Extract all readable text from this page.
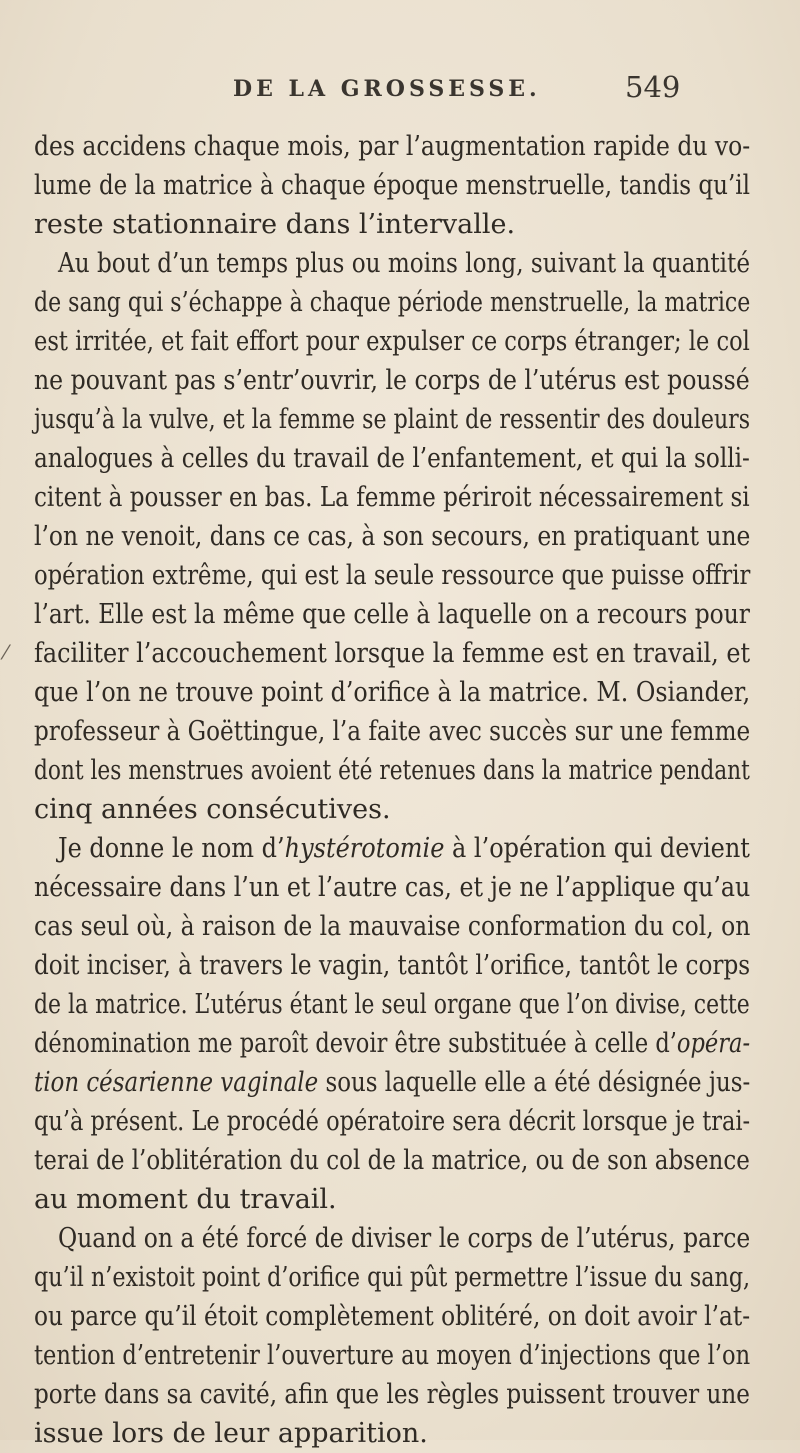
DE LA GROSSESSE.	549
⁄
des accidens chaque mois, par l’augmentation rapide du vo-
lume de la matrice à chaque époque menstruelle, tandis qu’il
reste stationnaire dans l’intervalle.
Au bout d’un temps plus ou moins long, suivant la quantité
de sang qui s’échappe à chaque période menstruelle, la matrice
est irritée, et fait effort pour expulser ce corps étranger; le col
ne pouvant pas s’entr’ouvrir, le corps de l’utérus est poussé
jusqu’à la vulve, et la femme se plaint de ressentir des douleurs
analogues à celles du travail de l’enfantement, et qui la solli-
citent à pousser en bas. La femme périroit nécessairement si
l’on ne venoit, dans ce cas, à son secours, en pratiquant une
opération extrême, qui est la seule ressource que puisse offrir
l’art. Elle est la même que celle à laquelle on a recours pour
faciliter l’accouchement lorsque la femme est en travail, et
que l’on ne trouve point d’orifice à la matrice. M. Osiander,
professeur à Goëttingue, l’a faite avec succès sur une femme
dont les menstrues avoient été retenues dans la matrice pendant
cinq années consécutives.
Je donne le nom d’hystérotomie à l’opération qui devient
nécessaire dans l’un et l’autre cas, et je ne l’applique qu’au
cas seul où, à raison de la mauvaise conformation du col, on
doit inciser, à travers le vagin, tantôt l’orifice, tantôt le corps
de la matrice. L’utérus étant le seul organe que l’on divise, cette
dénomination me paroît devoir être substituée à celle d’opéra-
tion césarienne vaginale sous laquelle elle a été désignée jus-
qu’à présent. Le procédé opératoire sera décrit lorsque je trai-
terai de l’oblitération du col de la matrice, ou de son absence
au moment du travail.
Quand on a été forcé de diviser le corps de l’utérus, parce
qu’il n’existoit point d’orifice qui pût permettre l’issue du sang,
ou parce qu’il étoit complètement oblitéré, on doit avoir l’at-
tention d’entretenir l’ouverture au moyen d’injections que l’on
porte dans sa cavité, afin que les règles puissent trouver une
issue lors de leur apparition.
